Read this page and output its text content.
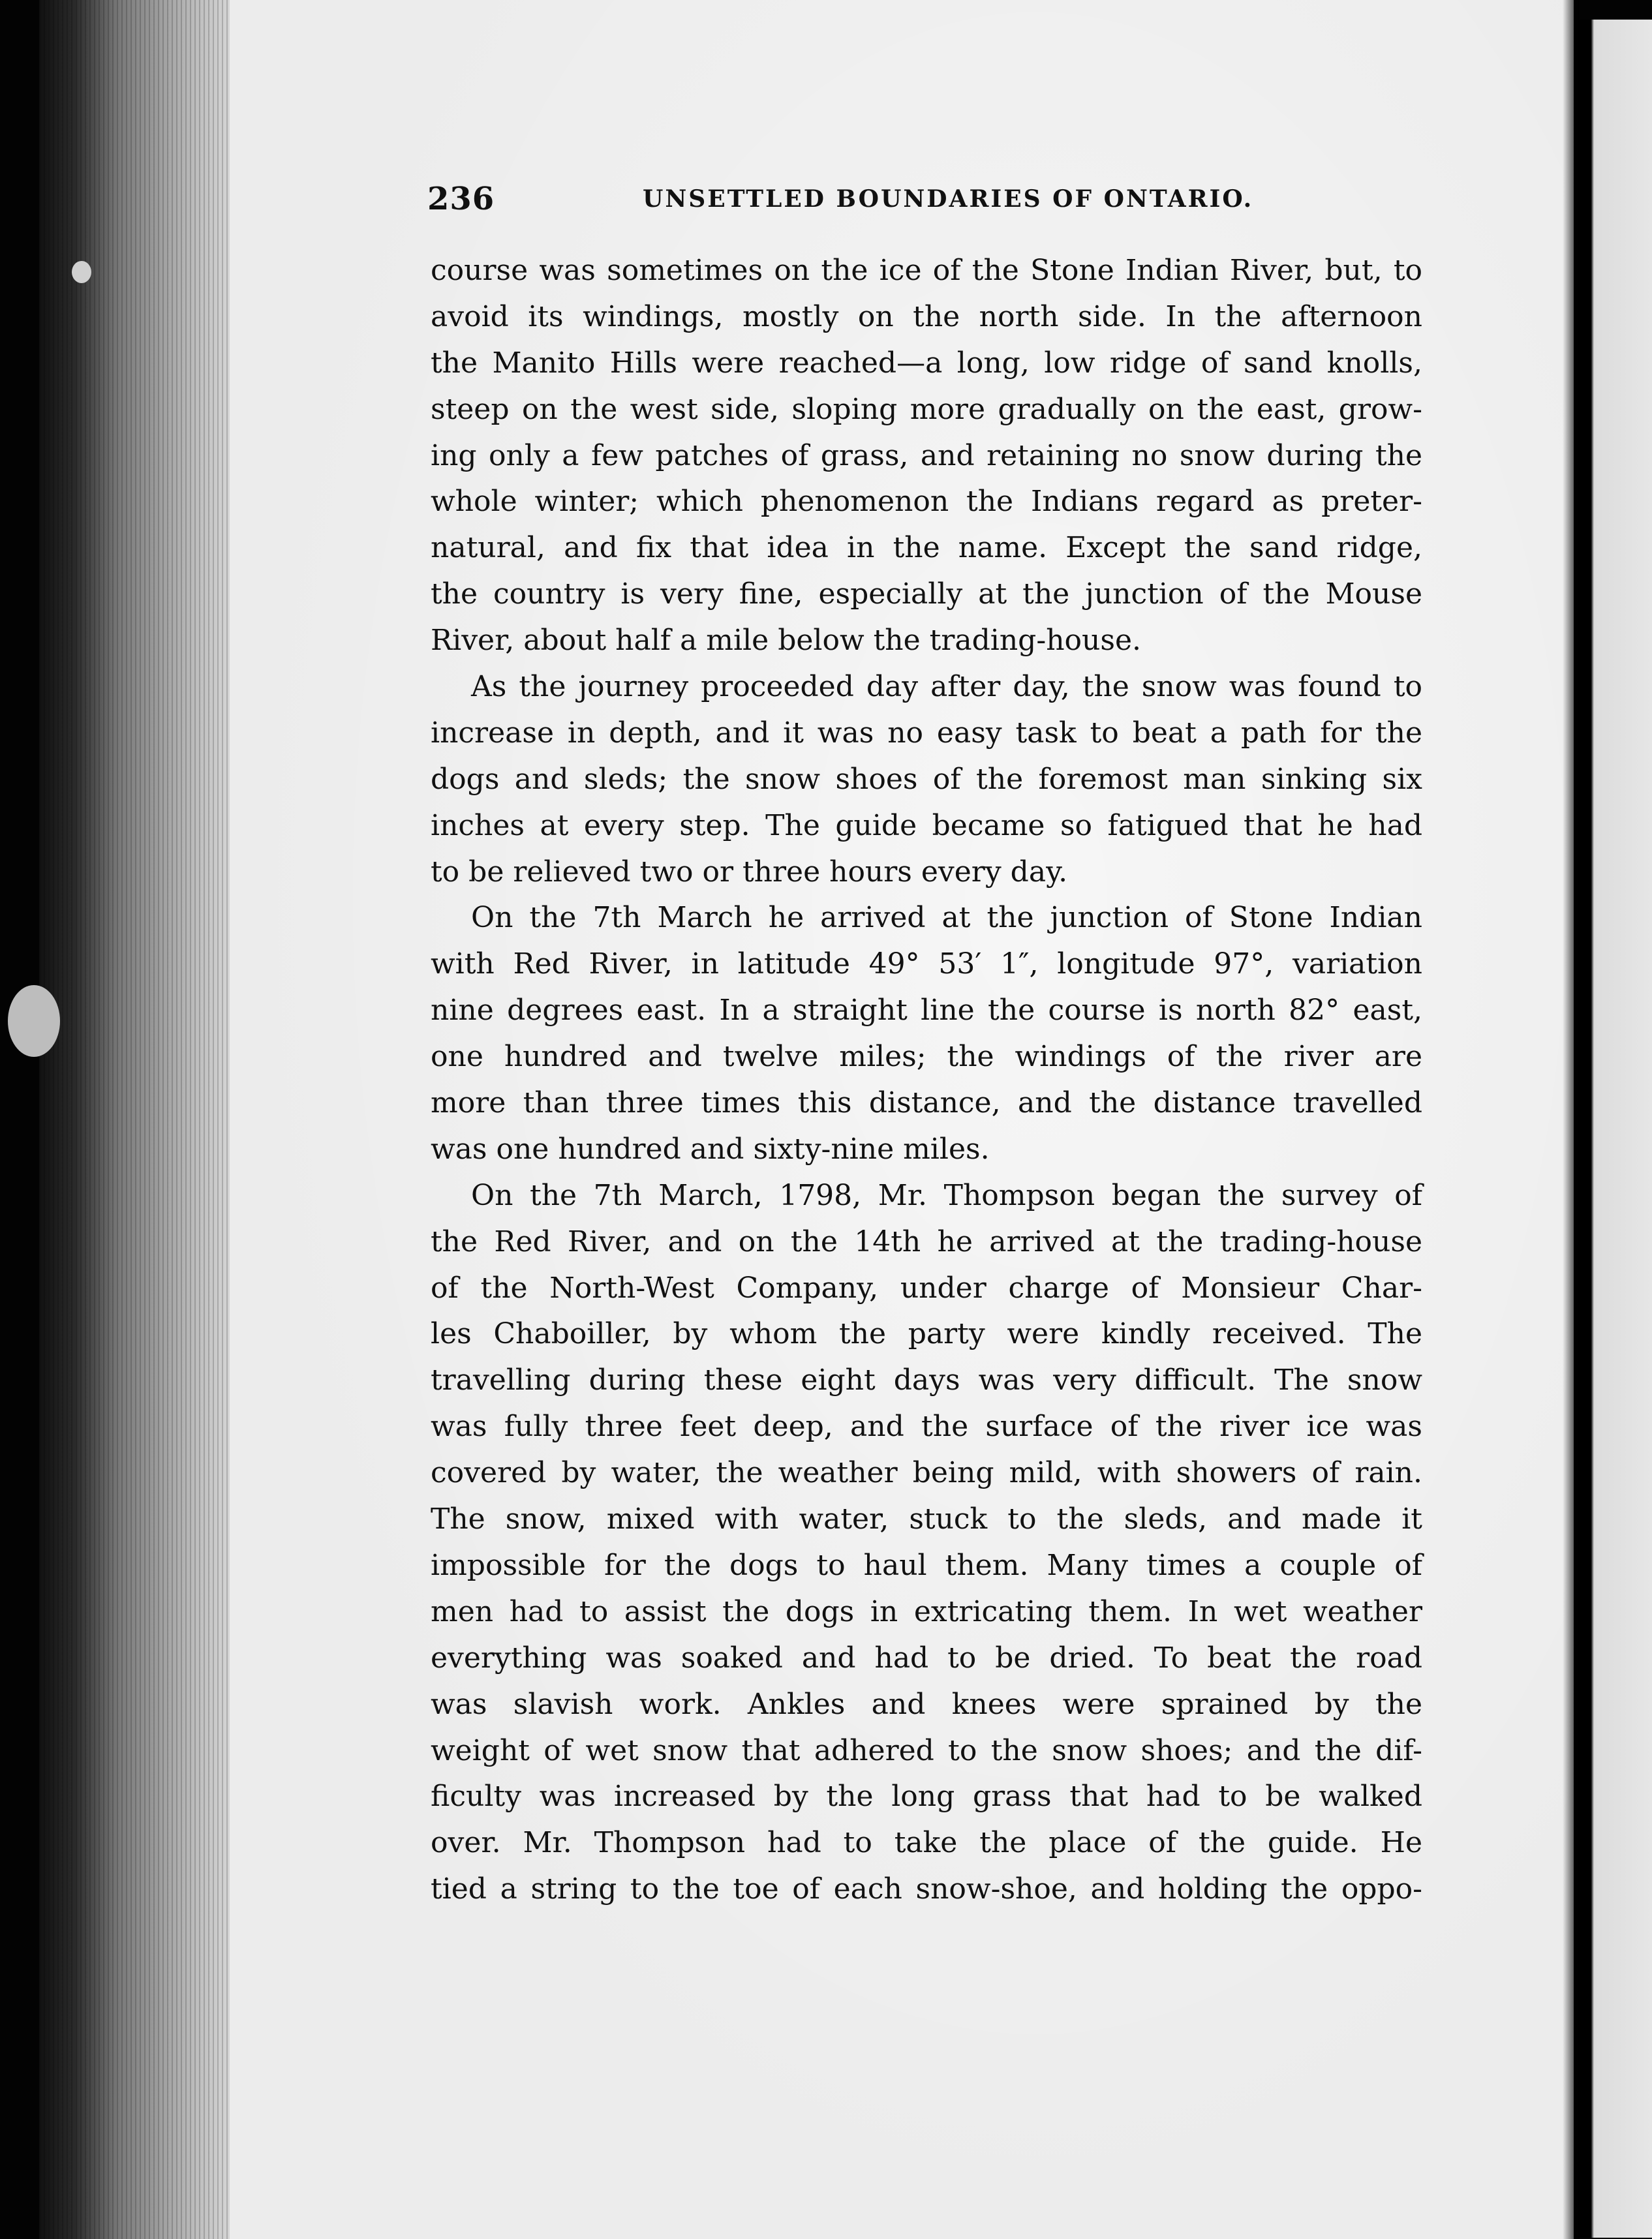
236	UNSETTLED BOUNDARIES OF ONTARIO.
course was sometimes on the ice of the Stone Indian River, but, to
avoid its windings, mostly on the north side. In the afternoon
the Manito Hills were reached—a long, low ridge of sand knolls,
steep on the west side, sloping more gradually on the east, grow-
ing only a few patches of grass, and retaining no snow during the
whole winter; which phenomenon the Indians regard as preter-
natural, and fix that idea in the name. Except the sand ridge,
the country is very fine, especially at the junction of the Mouse
River, about half a mile below the trading-house.
As the journey proceeded day after day, the snow was found to
increase in depth, and it was no easy task to beat a path for the
dogs and sleds; the snow shoes of the foremost man sinking six
inches at every step. The guide became so fatigued that he had
to be relieved two or three hours every day.
On the 7th March he arrived at the junction of Stone Indian
with Red River, in latitude 49° 53′ 1″, longitude 97°, variation
nine degrees east. In a straight line the course is north 82° east,
one hundred and twelve miles; the windings of the river are
more than three times this distance, and the distance travelled
was one hundred and sixty-nine miles.
On the 7th March, 1798, Mr. Thompson began the survey of
the Red River, and on the 14th he arrived at the trading-house
of the North-West Company, under charge of Monsieur Char-
les Chaboiller, by whom the party were kindly received. The
travelling during these eight days was very difficult. The snow
was fully three feet deep, and the surface of the river ice was
covered by water, the weather being mild, with showers of rain.
The snow, mixed with water, stuck to the sleds, and made it
impossible for the dogs to haul them. Many times a couple of
men had to assist the dogs in extricating them. In wet weather
everything was soaked and had to be dried. To beat the road
was slavish work. Ankles and knees were sprained by the
weight of wet snow that adhered to the snow shoes; and the dif-
ficulty was increased by the long grass that had to be walked
over. Mr. Thompson had to take the place of the guide. He
tied a string to the toe of each snow-shoe, and holding the oppo-
